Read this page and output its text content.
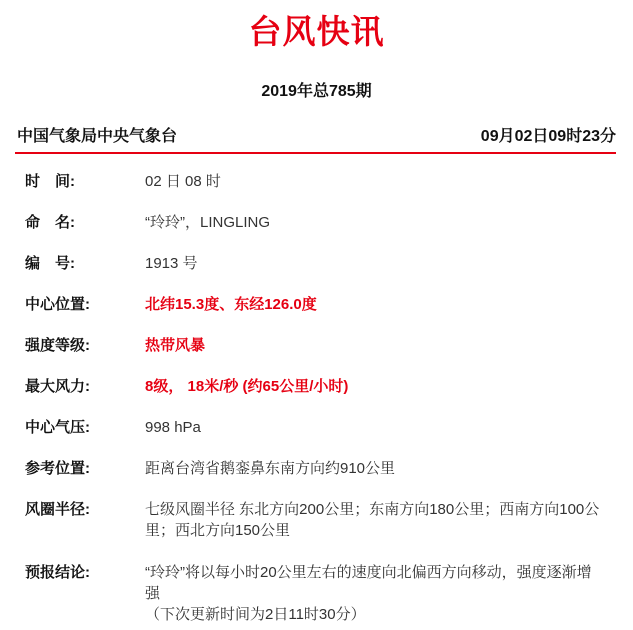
台风快讯
2019年总785期
中国气象局中央气象台	09月02日09时23分
时　间:	02 日 08 时
命　名:	“玲玲”，LINGLING
编　号:	1913 号
中心位置:	北纬15.3度、东经126.0度
强度等级:	热带风暴
最大风力:	8级， 18米/秒 (约65公里/小时)
中心气压:	998 hPa
参考位置:	距离台湾省鹅銮鼻东南方向约910公里
风圈半径:	七级风圈半径 东北方向200公里；东南方向180公里；西南方向100公里；西北方向150公里
预报结论:	“玲玲”将以每小时20公里左右的速度向北偏西方向移动，强度逐渐增强
（下次更新时间为2日11时30分）
